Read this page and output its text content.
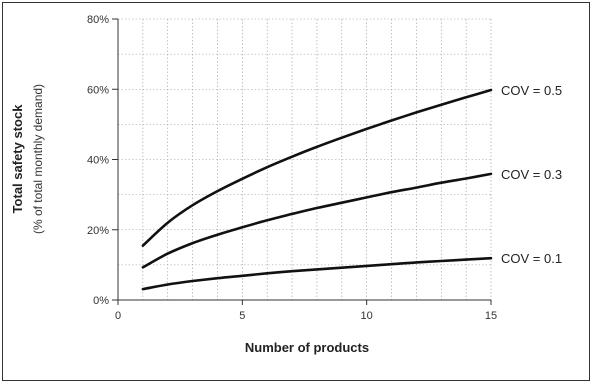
0%
20%
40%
60%
80%
0	5	10	15
COV = 0.5
COV = 0.3
COV = 0.1
Number of products
Total safety stock (% of total monthly demand)
